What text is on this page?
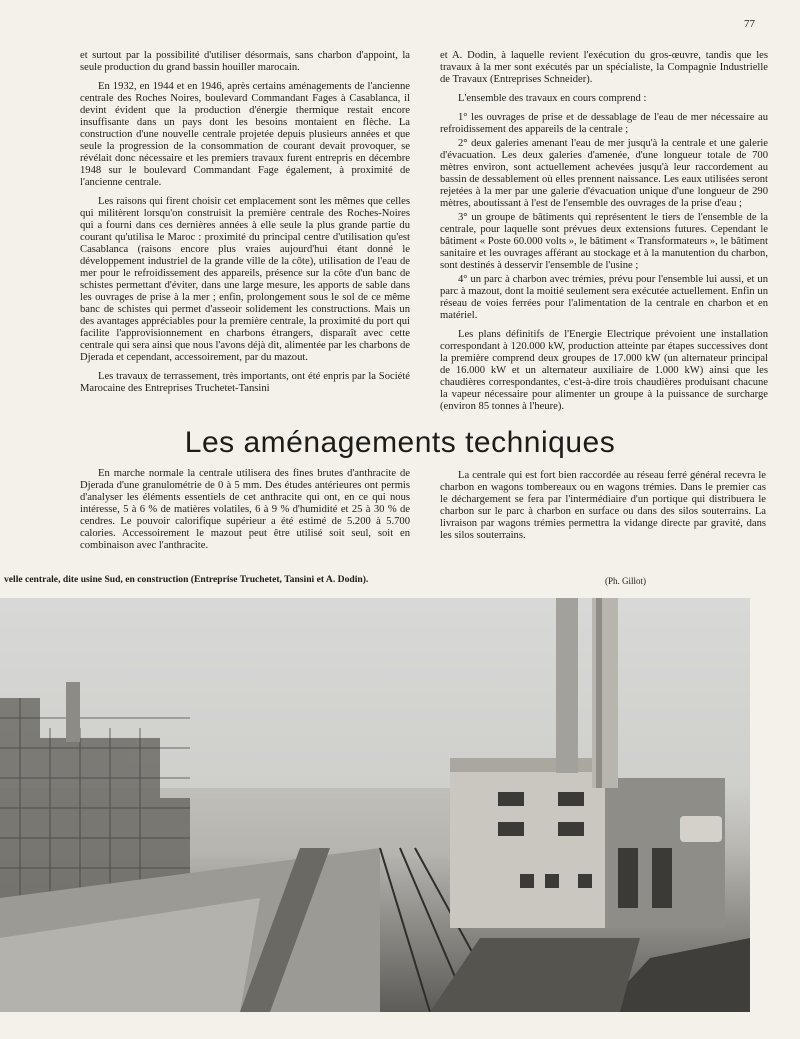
77

et surtout par la possibilité d'utiliser désormais, sans charbon d'appoint, la seule production du grand bassin houiller marocain.

En 1932, en 1944 et en 1946, après certains aménagements de l'ancienne centrale des Roches Noires, boulevard Commandant Fages à Casablanca, il devint évident que la production d'énergie thermique restait encore insuffisante dans un pays dont les besoins montaient en flèche. La construction d'une nouvelle centrale projetée depuis plusieurs années et que seule la progression de la consommation de courant devait provoquer, se révélait donc nécessaire et les premiers travaux furent entrepris en décembre 1948 sur le boulevard Commandant Fage également, à proximité de l'ancienne centrale.

Les raisons qui firent choisir cet emplacement sont les mêmes que celles qui militèrent lorsqu'on construisit la première centrale des Roches-Noires qui a fourni dans ces dernières années à elle seule la plus grande partie du courant qu'utilisa le Maroc : proximité du principal centre d'utilisation qu'est Casablanca (raisons encore plus vraies aujourd'hui étant donné le développement industriel de la grande ville de la côte), utilisation de l'eau de mer pour le refroidissement des appareils, présence sur la côte d'un banc de schistes permettant d'éviter, dans une large mesure, les apports de sable dans les ouvrages de prise à la mer ; enfin, prolongement sous le sol de ce même banc de schistes qui permet d'asseoir solidement les constructions. Mais un des avantages appréciables pour la première centrale, la proximité du port qui facilite l'approvisionnement en charbons étrangers, disparaît avec cette centrale qui sera ainsi que nous l'avons déjà dit, alimentée par les charbons de Djerada et cependant, accessoirement, par du mazout.

Les travaux de terrassement, très importants, ont été enpris par la Société Marocaine des Entreprises Truchetet-Tansini

et A. Dodin, à laquelle revient l'exécution du gros-œuvre, tandis que les travaux à la mer sont exécutés par un spécialiste, la Compagnie Industrielle de Travaux (Entreprises Schneider).

L'ensemble des travaux en cours comprend :

1° les ouvrages de prise et de dessablage de l'eau de mer nécessaire au refroidissement des appareils de la centrale ;

2° deux galeries amenant l'eau de mer jusqu'à la centrale et une galerie d'évacuation. Les deux galeries d'amenée, d'une longueur totale de 700 mètres environ, sont actuellement achevées jusqu'à leur raccordement au bassin de dessablement où elles prennent naissance. Les eaux utilisées seront rejetées à la mer par une galerie d'évacuation unique d'une longueur de 290 mètres, aboutissant à l'est de l'ensemble des ouvrages de la prise d'eau ;

3° un groupe de bâtiments qui représentent le tiers de l'ensemble de la centrale, pour laquelle sont prévues deux extensions futures. Cependant le bâtiment « Poste 60.000 volts », le bâtiment « Transformateurs », le bâtiment sanitaire et les ouvrages afférant au stockage et à la manutention du charbon, sont destinés à desservir l'ensemble de l'usine ;

4° un parc à charbon avec trémies, prévu pour l'ensemble lui aussi, et un parc à mazout, dont la moitié seulement sera exécutée actuellement. Enfin un réseau de voies ferrées pour l'alimentation de la centrale en charbon et en matériel.

Les plans définitifs de l'Energie Electrique prévoient une installation correspondant à 120.000 kW, production atteinte par étapes successives dont la première comprend deux groupes de 17.000 kW (un alternateur principal de 16.000 kW et un alternateur auxiliaire de 1.000 kW) ainsi que les chaudières correspondantes, c'est-à-dire trois chaudières produisant chacune la vapeur nécessaire pour alimenter un groupe à la puissance de surcharge (environ 85 tonnes à l'heure).

Les aménagements techniques

En marche normale la centrale utilisera des fines brutes d'anthracite de Djerada d'une granulométrie de 0 à 5 mm. Des études antérieures ont permis d'analyser les éléments essentiels de cet anthracite qui ont, en ce qui nous intéresse, 5 à 6 % de matières volatiles, 6 à 9 % d'humidité et 25 à 30 % de cendres. Le pouvoir calorifique supérieur a été estimé de 5.200 à 5.700 calories. Accessoirement le mazout peut être utilisé soit seul, soit en combinaison avec l'anthracite.

La centrale qui est fort bien raccordée au réseau ferré général recevra le charbon en wagons tombereaux ou en wagons trémies. Dans le premier cas le déchargement se fera par l'intermédiaire d'un portique qui distribuera le charbon sur le parc à charbon en surface ou dans des silos souterrains. La livraison par wagons trémies permettra la vidange directe par gravité, dans les silos souterrains.

velle centrale, dite usine Sud, en construction (Entreprise Truchetet, Tansini et A. Dodin).	(Ph. Gillot)
